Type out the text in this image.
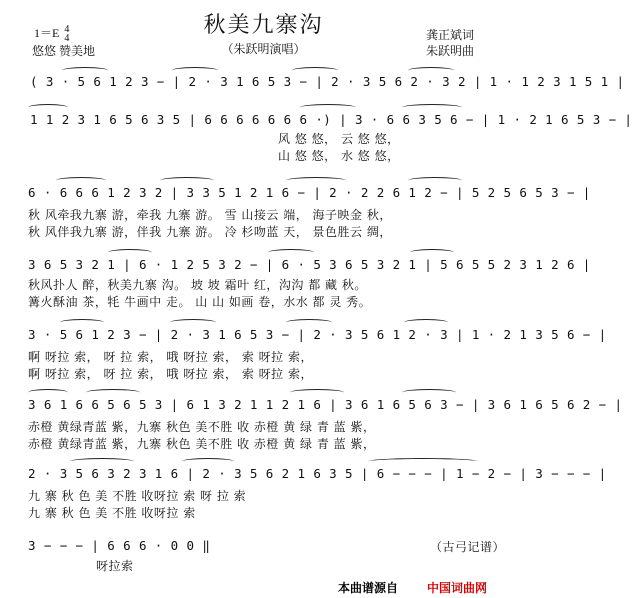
秋美九寨沟
（朱跃明演唱）
1＝E 4
4
悠悠 赞美地
龚正斌词
朱跃明曲
( 3 · 5 6 1 2 3 − | 2 · 3 1 6 5 3 − | 2 · 3 5 6 2 · 3 2 | 1 · 1 2 3 1 5 1 |
1 1 2 3 1 6 5 6 3 5 | 6 6 6 6 6 6 6 ·) | 3 · 6 6 3 5 6 − | 1 · 2 1 6 5 3 − |
风 悠 悠， 云 悠 悠，
山 悠 悠， 水 悠 悠，
6 · 6 6 6 1 2 3 2 | 3 3 5 1 2 1 6 − | 2 · 2 2 6 1 2 − | 5 2 5 6 5 3 − |
秋 风牵我九寨 游，牵我 九寨 游。 雪 山接云 端， 海子映金 秋，
秋 风伴我九寨 游，伴我 九寨 游。 冷 杉吻蓝 天， 景色胜云 绸，
3 6 5 3 2 1 | 6 · 1 2 5 3 2 − | 6 · 5 3 6 5 3 2 1 | 5 6 5 5 2 3 1 2 6 |
秋风扑人 醉，秋美九寨 沟。 坡 坡 霜叶 红，沟沟 都 藏 秋。
篝火酥油 茶，牦 牛画中 走。 山 山 如画 卷，水水 都 灵 秀。
3 · 5 6 1 2 3 − | 2 · 3 1 6 5 3 − | 2 · 3 5 6 1 2 · 3 | 1 · 2 1 3 5 6 − |
啊 呀拉 索， 呀 拉 索， 哦 呀拉 索， 索 呀拉 索，
啊 呀拉 索， 呀 拉 索， 哦 呀拉 索， 索 呀拉 索，
3 6 1 6 6 5 6 5 3 | 6 1 3 2 1 1 2 1 6 | 3 6 1 6 5 6 3 − | 3 6 1 6 5 6 2 − |
赤橙 黄绿青蓝 紫，九寨 秋色 美不胜 收 赤橙 黄 绿 青 蓝 紫，
赤橙 黄绿青蓝 紫，九寨 秋色 美不胜 收 赤橙 黄 绿 青 蓝 紫，
2 · 3 5 6 3 2 3 1 6 | 2 · 3 5 6 2 1 6 3 5 | 6 − − − | 1 − 2 − | 3 − − − |
九 寨 秋 色 美 不胜 收呀拉 索 呀 拉 索
九 寨 秋 色 美 不胜 收呀拉 索
3 − − − | 6 6 6 · 0 0 ‖
呀拉索
（古弓记谱）
本曲谱源自 中国词曲网
